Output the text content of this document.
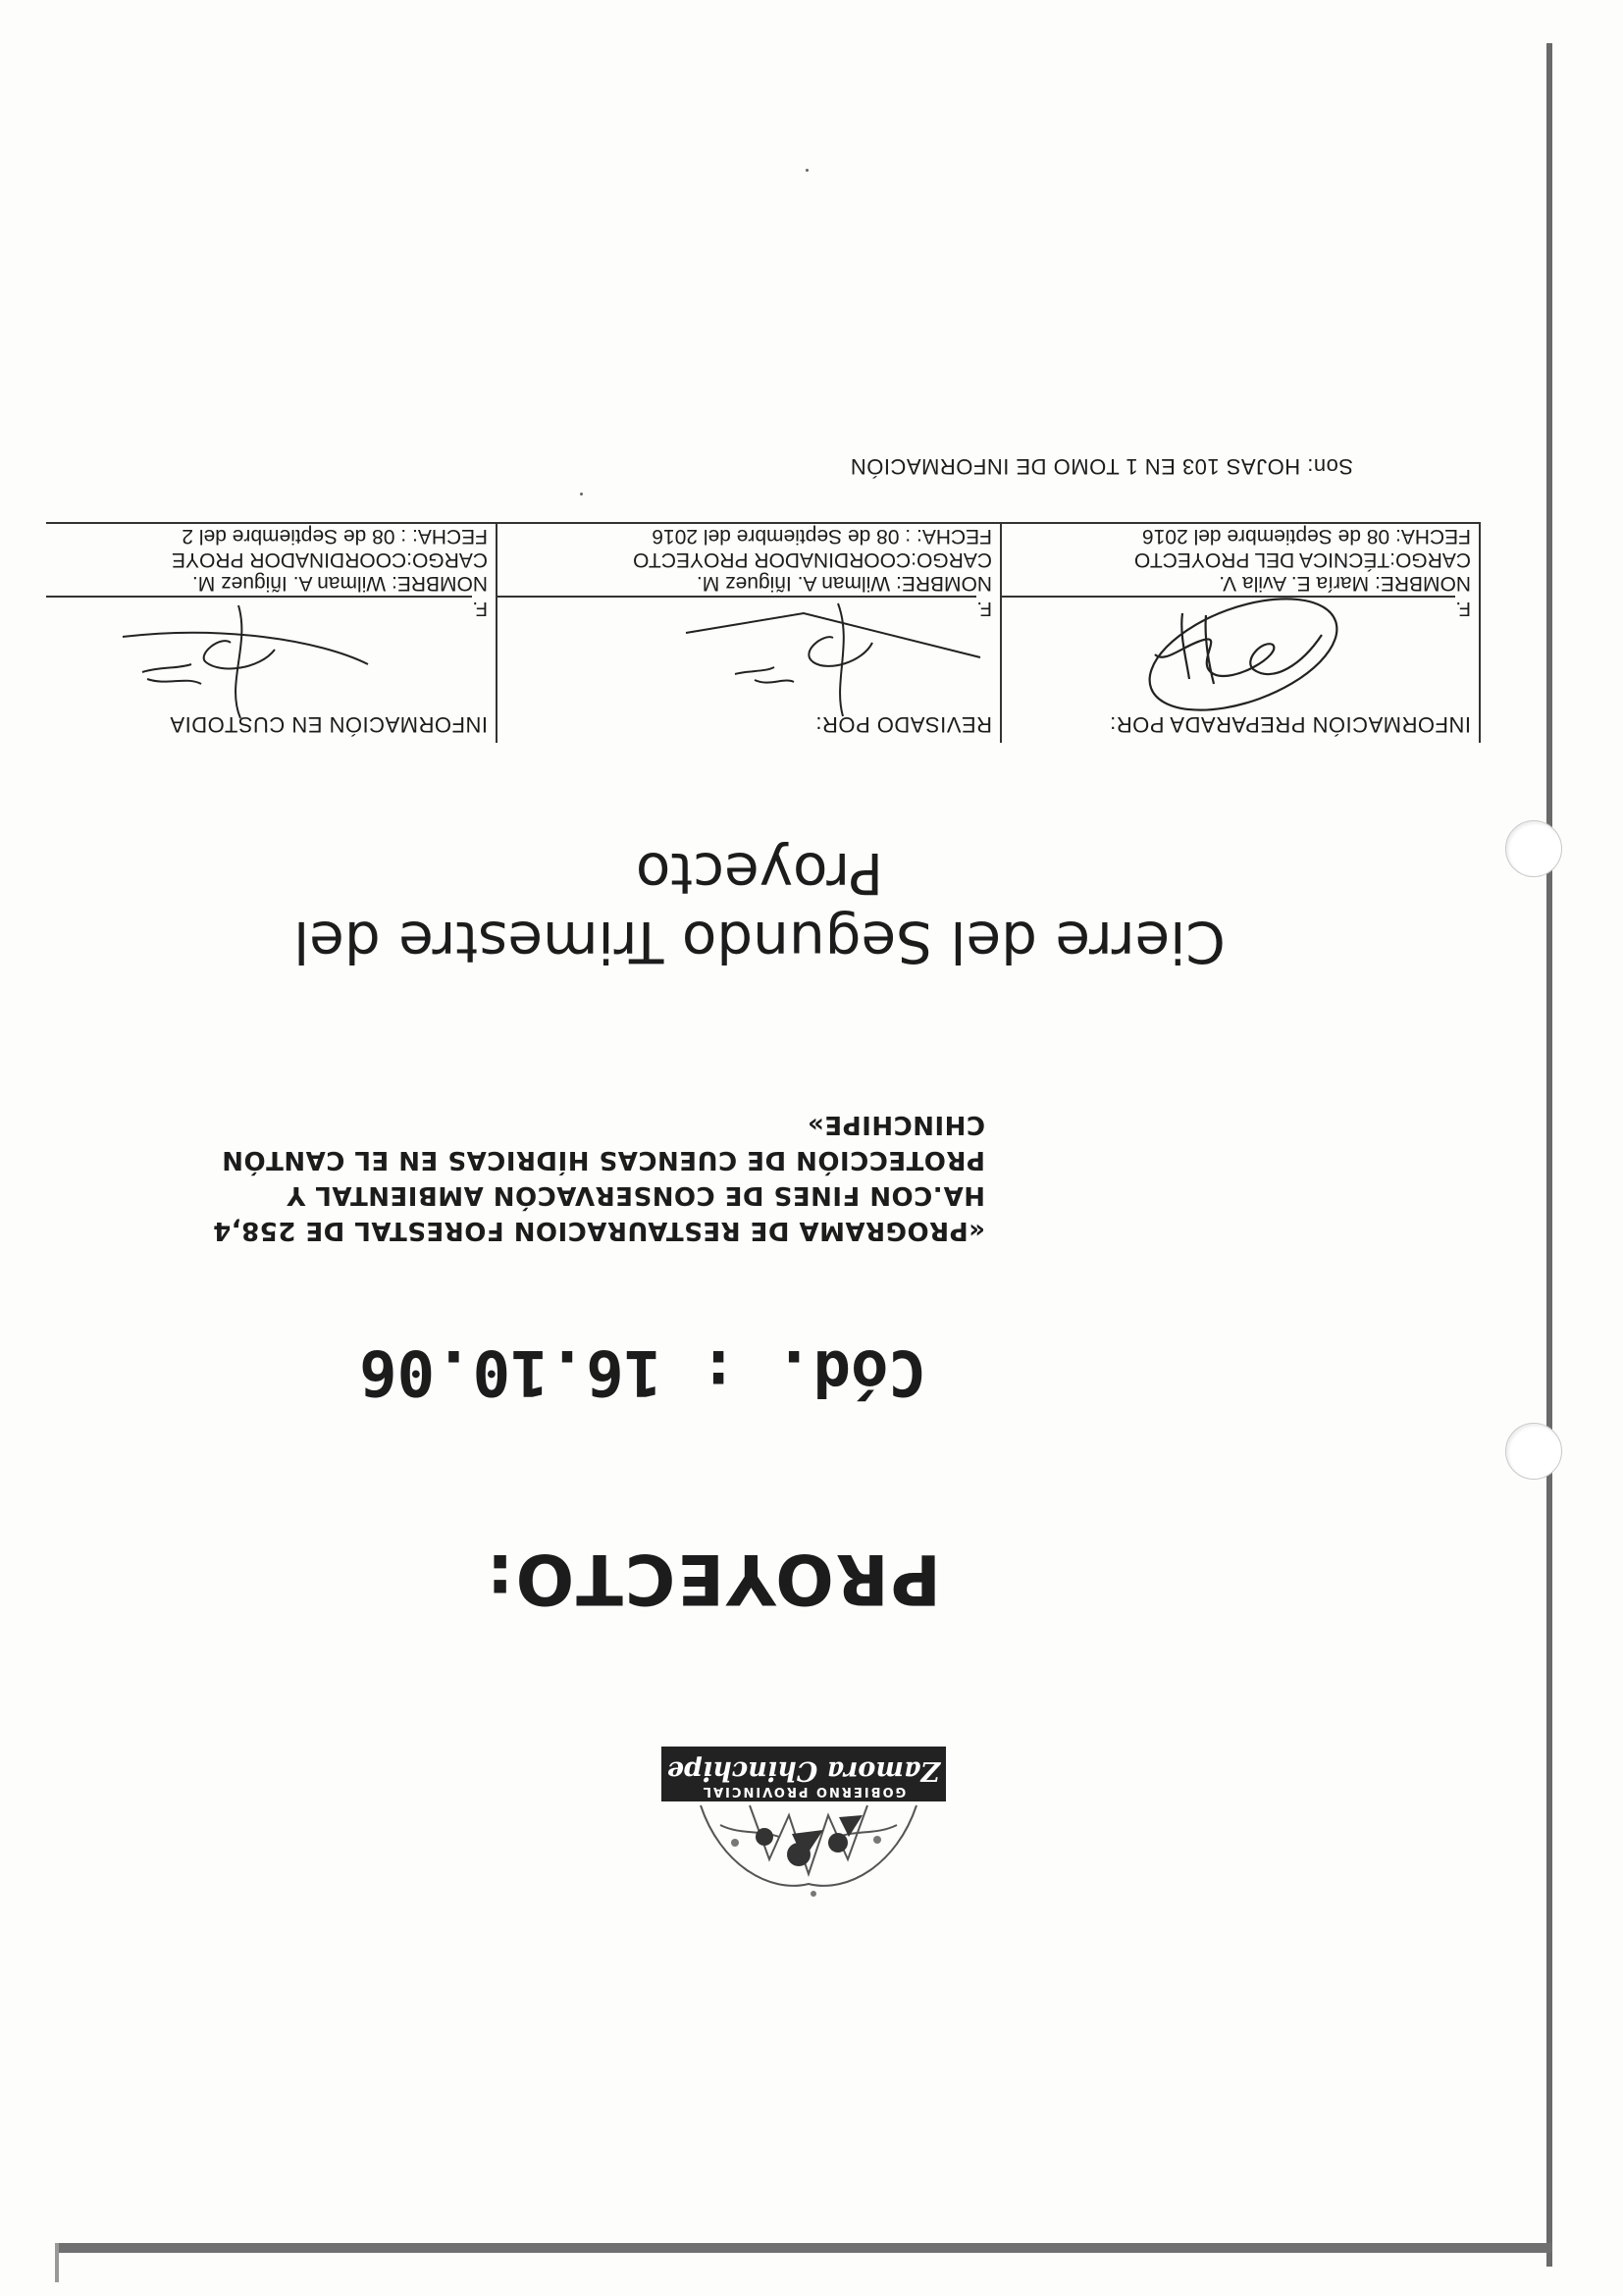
GOBIERNO PROVINCIAL
Zamora Chinchipe
PROYECTO:
Cód. : 16.10.06
«PROGRAMA DE RESTAURACION FORESTAL DE 258,4 HA.CON FINES DE CONSERVACÓN AMBIENTAL Y PROTECCIÓN DE CUENCAS HÍDRICAS EN EL CANTÓN CHINCHIPE»
Cierre del Segundo Trimestre del
Proyecto
INFORMACIÓN PREPARADA POR:
F.
NOMBRE: María E. Avila V.
CARGO:TÉCNICA DEL PROYECTO
FECHA: 08 de Septiembre del 2016
REVISADO POR:
F.
NOMBRE: Wilman A. Iñiguez M.
CARGO:COORDINADOR PROYECTO
FECHA: : 08 de Septiembre del 2016
INFORMACIÓN EN CUSTODIA
F.
NOMBRE: Wilman A. Iñiguez M.
CARGO:COORDINADOR PROYE
FECHA: : 08 de Septiembre del 2
Son: HOJAS 103 EN 1 TOMO DE INFORMACIÓN
